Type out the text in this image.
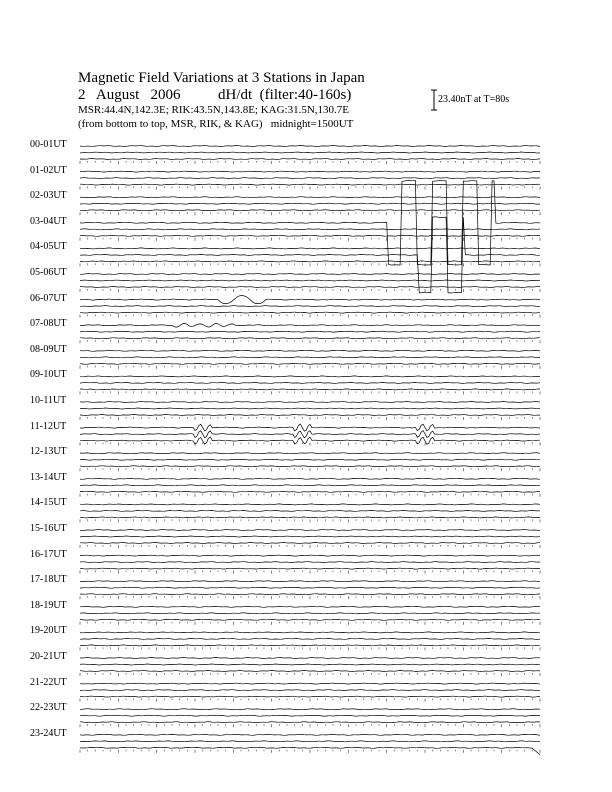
Magnetic Field Variations at 3 Stations in Japan
2   August   2006          dH/dt  (filter:40-160s)
MSR:44.4N,142.3E; RIK:43.5N,143.8E; KAG:31.5N,130.7E
(from bottom to top, MSR, RIK, & KAG)   midnight=1500UT
23.40nT at T=80s
00-01UT
01-02UT
02-03UT
03-04UT
04-05UT
05-06UT
06-07UT
07-08UT
08-09UT
09-10UT
10-11UT
11-12UT
12-13UT
13-14UT
14-15UT
15-16UT
16-17UT
17-18UT
18-19UT
19-20UT
20-21UT
21-22UT
22-23UT
23-24UT
